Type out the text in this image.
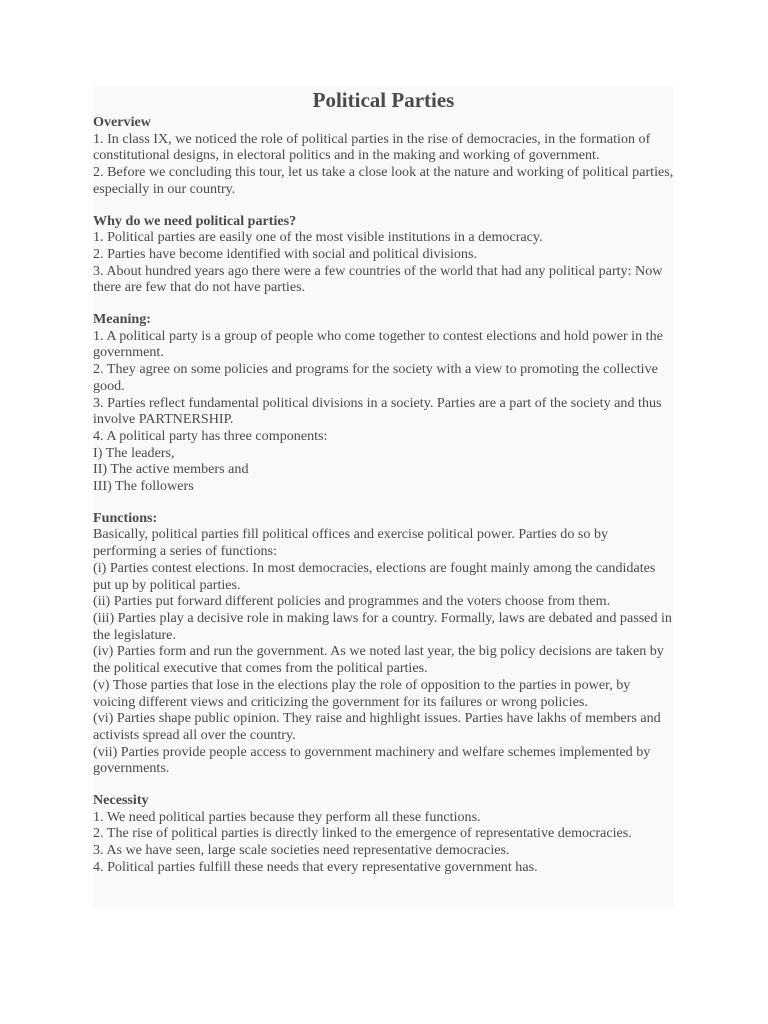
Political Parties
Overview
1. In class IX, we noticed the role of political parties in the rise of democracies, in the formation of constitutional designs, in electoral politics and in the making and working of government.
2. Before we concluding this tour, let us take a close look at the nature and working of political parties, especially in our country.
Why do we need political parties?
1. Political parties are easily one of the most visible institutions in a democracy.
2. Parties have become identified with social and political divisions.
3. About hundred years ago there were a few countries of the world that had any political party: Now there are few that do not have parties.
Meaning:
1. A political party is a group of people who come together to contest elections and hold power in the government.
2. They agree on some policies and programs for the society with a view to promoting the collective good.
3. Parties reflect fundamental political divisions in a society. Parties are a part of the society and thus involve PARTNERSHIP.
4. A political party has three components:
I) The leaders,
II) The active members and
III) The followers
Functions:
Basically, political parties fill political offices and exercise political power. Parties do so by performing a series of functions:
(i) Parties contest elections. In most democracies, elections are fought mainly among the candidates put up by political parties.
(ii) Parties put forward different policies and programmes and the voters choose from them.
(iii) Parties play a decisive role in making laws for a country. Formally, laws are debated and passed in the legislature.
(iv) Parties form and run the government. As we noted last year, the big policy decisions are taken by the political executive that comes from the political parties.
(v) Those parties that lose in the elections play the role of opposition to the parties in power, by voicing different views and criticizing the government for its failures or wrong policies.
(vi) Parties shape public opinion. They raise and highlight issues. Parties have lakhs of members and activists spread all over the country.
(vii) Parties provide people access to government machinery and welfare schemes implemented by governments.
Necessity
1. We need political parties because they perform all these functions.
2. The rise of political parties is directly linked to the emergence of representative democracies.
3. As we have seen, large scale societies need representative democracies.
4. Political parties fulfill these needs that every representative government has.
